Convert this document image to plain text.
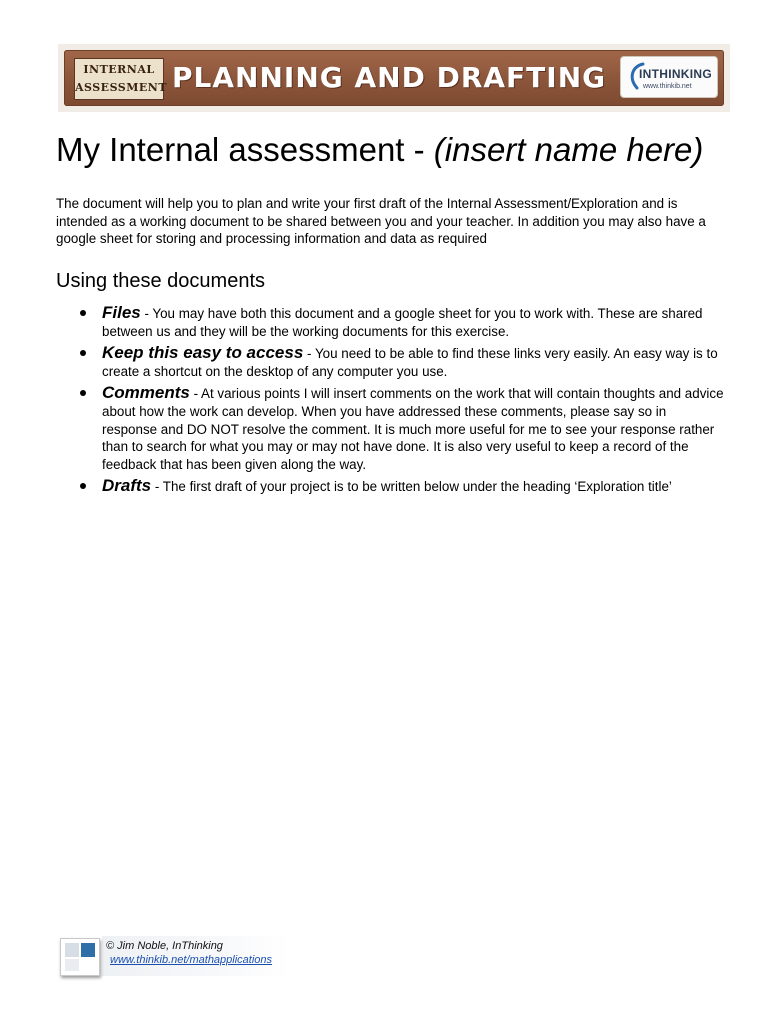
INTERNAL
ASSESSMENT PLANNING AND DRAFTING	INTHINKING
www.thinkib.net
My Internal assessment - (insert name here)
The document will help you to plan and write your first draft of the Internal Assessment/Exploration and is intended as a working document to be shared between you and your teacher. In addition you may also have a google sheet for storing and processing information and data as required
Using these documents
Files - You may have both this document and a google sheet for you to work with. These are shared between us and they will be the working documents for this exercise.
Keep this easy to access - You need to be able to find these links very easily. An easy way is to create a shortcut on the desktop of any computer you use.
Comments - At various points I will insert comments on the work that will contain thoughts and advice about how the work can develop. When you have addressed these comments, please say so in response and DO NOT resolve the comment. It is much more useful for me to see your response rather than to search for what you may or may not have done. It is also very useful to keep a record of the feedback that has been given along the way.
Drafts - The first draft of your project is to be written below under the heading ‘Exploration title’
© Jim Noble, InThinking
www.thinkib.net/mathapplications
